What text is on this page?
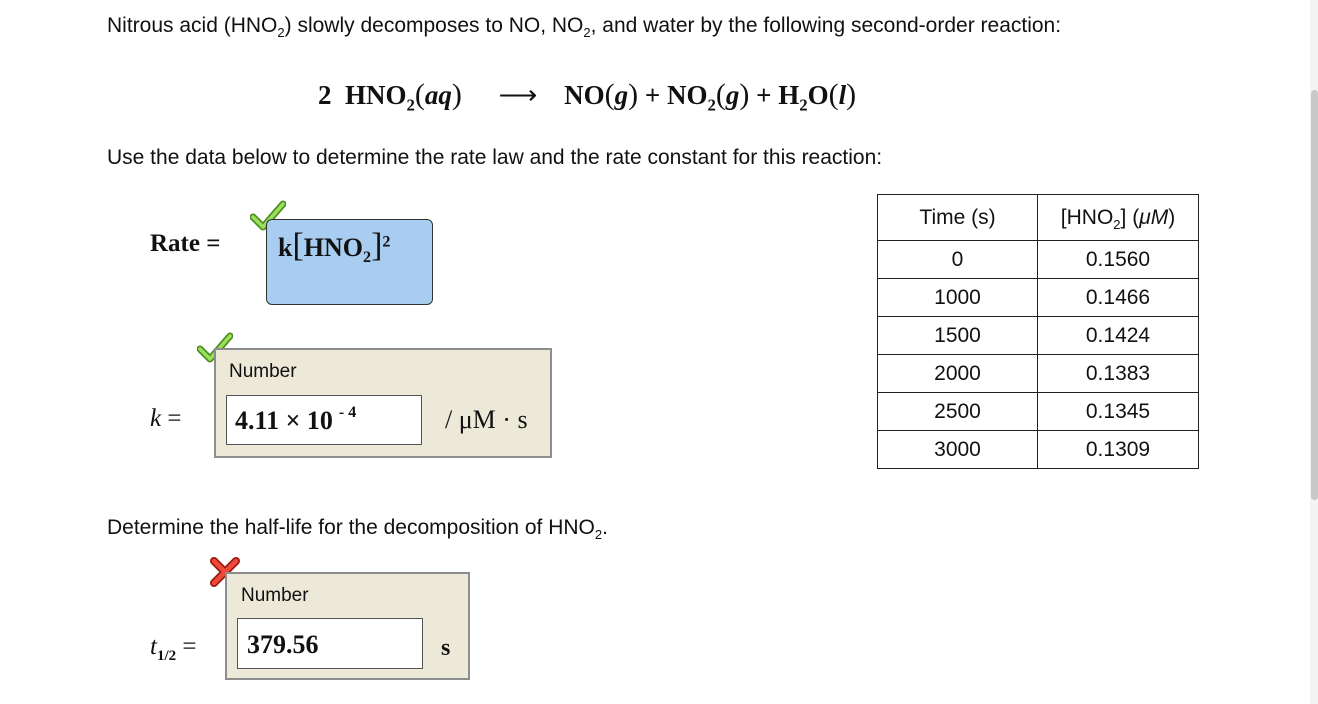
Nitrous acid $(HNO_2)$ slowly decomposes to NO, $NO_2$, and water by the following second-order reaction:
2  $HNO_2(aq)$ ⟶ $NO(g) + NO_2(g) + H_2O(l)$
Use the data below to determine the rate law and the rate constant for this reaction:
Rate = $k[HNO_2]^2$
k =
Number
4.11 × 10 $^{- 4}$	/ μM · s
Time (s)	$[HNO_2]$ (μM)
0	0.1560
1000	0.1466
1500	0.1424
2000	0.1383
2500	0.1345
3000	0.1309
Determine the half-life for the decomposition of $HNO_2$.
$t_{1/2}$ =
Number
379.56	s
